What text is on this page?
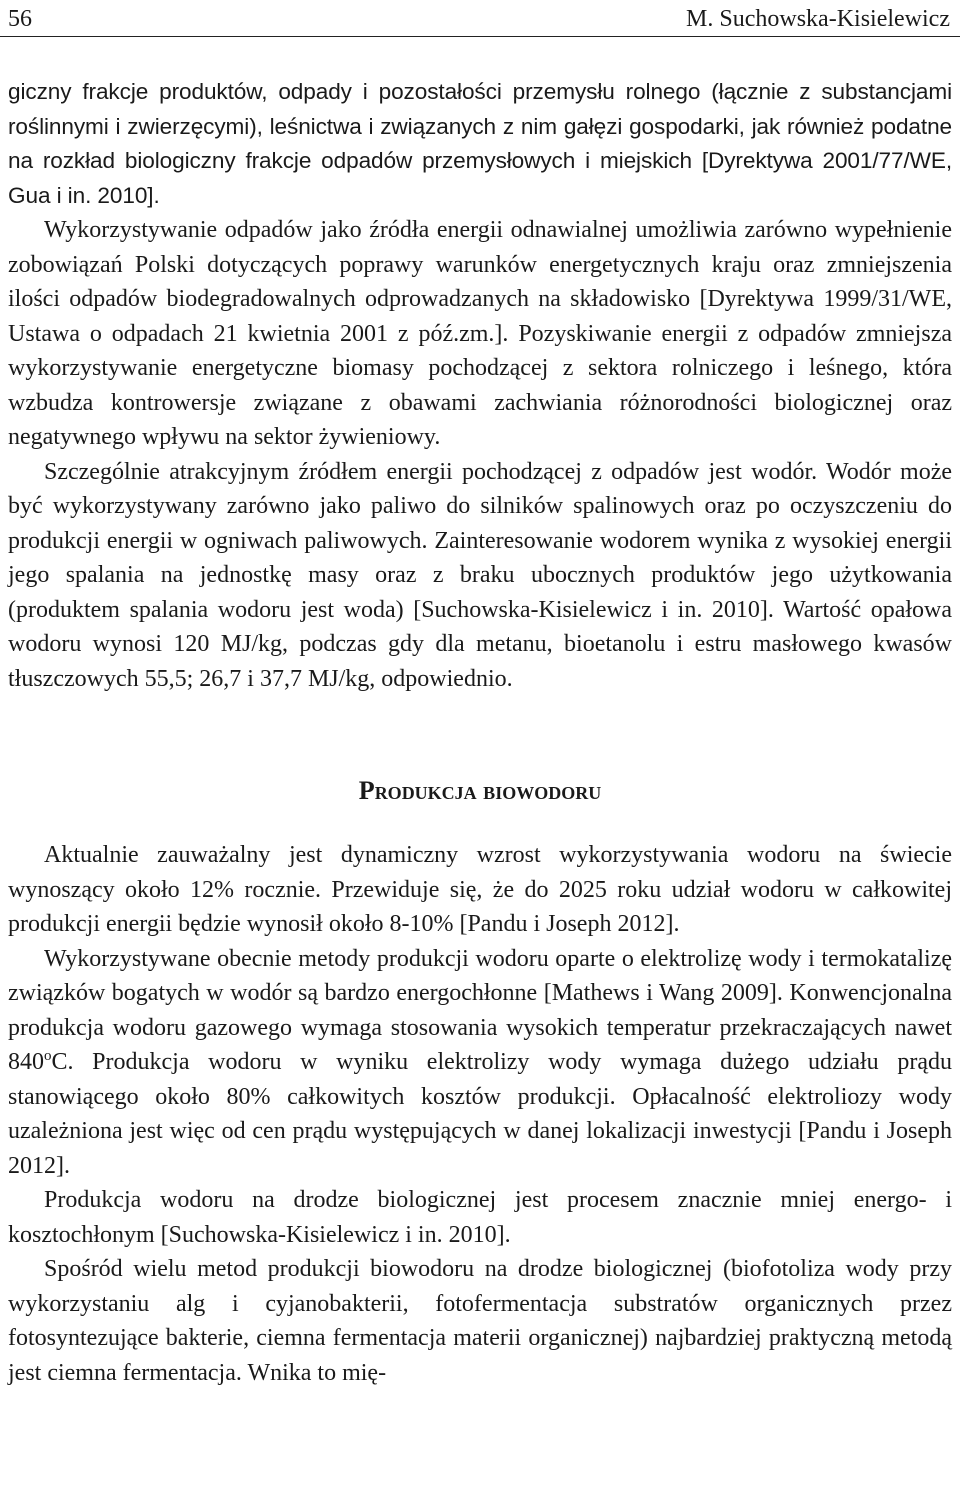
56	M. Suchowska-Kisielewicz

giczny frakcje produktów, odpady i pozostałości przemysłu rolnego (łącznie z substancjami roślinnymi i zwierzęcymi), leśnictwa i związanych z nim gałęzi gospodarki, jak również podatne na rozkład biologiczny frakcje odpadów przemysłowych i miejskich [Dyrektywa 2001/77/WE, Gua i in. 2010].

Wykorzystywanie odpadów jako źródła energii odnawialnej umożliwia zarówno wypełnienie zobowiązań Polski dotyczących poprawy warunków energetycznych kraju oraz zmniejszenia ilości odpadów biodegradowalnych odprowadzanych na składowisko [Dyrektywa 1999/31/WE, Ustawa o odpadach 21 kwietnia 2001 z póź.zm.]. Pozyskiwanie energii z odpadów zmniejsza wykorzystywanie energetyczne biomasy pochodzącej z sektora rolniczego i leśnego, która wzbudza kontrowersje związane z obawami zachwiania różnorodności biologicznej oraz negatywnego wpływu na sektor żywieniowy.

Szczególnie atrakcyjnym źródłem energii pochodzącej z odpadów jest wodór. Wodór może być wykorzystywany zarówno jako paliwo do silników spalinowych oraz po oczyszczeniu do produkcji energii w ogniwach paliwowych. Zainteresowanie wodorem wynika z wysokiej energii jego spalania na jednostkę masy oraz z braku ubocznych produktów jego użytkowania (produktem spalania wodoru jest woda) [Suchowska-Kisielewicz i in. 2010]. Wartość opałowa wodoru wynosi 120 MJ/kg, podczas gdy dla metanu, bioetanolu i estru masłowego kwasów tłuszczowych 55,5; 26,7 i 37,7 MJ/kg, odpowiednio.

Produkcja biowodoru

Aktualnie zauważalny jest dynamiczny wzrost wykorzystywania wodoru na świecie wynoszący około 12% rocznie. Przewiduje się, że do 2025 roku udział wodoru w całkowitej produkcji energii będzie wynosił około 8-10% [Pandu i Joseph 2012].

Wykorzystywane obecnie metody produkcji wodoru oparte o elektrolizę wody i termokatalizę związków bogatych w wodór są bardzo energochłonne [Mathews i Wang 2009]. Konwencjonalna produkcja wodoru gazowego wymaga stosowania wysokich temperatur przekraczających nawet 840$^o$C. Produkcja wodoru w wyniku elektrolizy wody wymaga dużego udziału prądu stanowiącego około 80% całkowitych kosztów produkcji. Opłacalność elektroliozy wody uzależniona jest więc od cen prądu występujących w danej lokalizacji inwestycji [Pandu i Joseph 2012].

Produkcja wodoru na drodze biologicznej jest procesem znacznie mniej energo- i kosztochłonym [Suchowska-Kisielewicz i in. 2010].

Spośród wielu metod produkcji biowodoru na drodze biologicznej (biofotoliza wody przy wykorzystaniu alg i cyjanobakterii, fotofermentacja substratów organicznych przez fotosyntezujące bakterie, ciemna fermentacja materii organicznej) najbardziej praktyczną metodą jest ciemna fermentacja. Wnika to mię-
